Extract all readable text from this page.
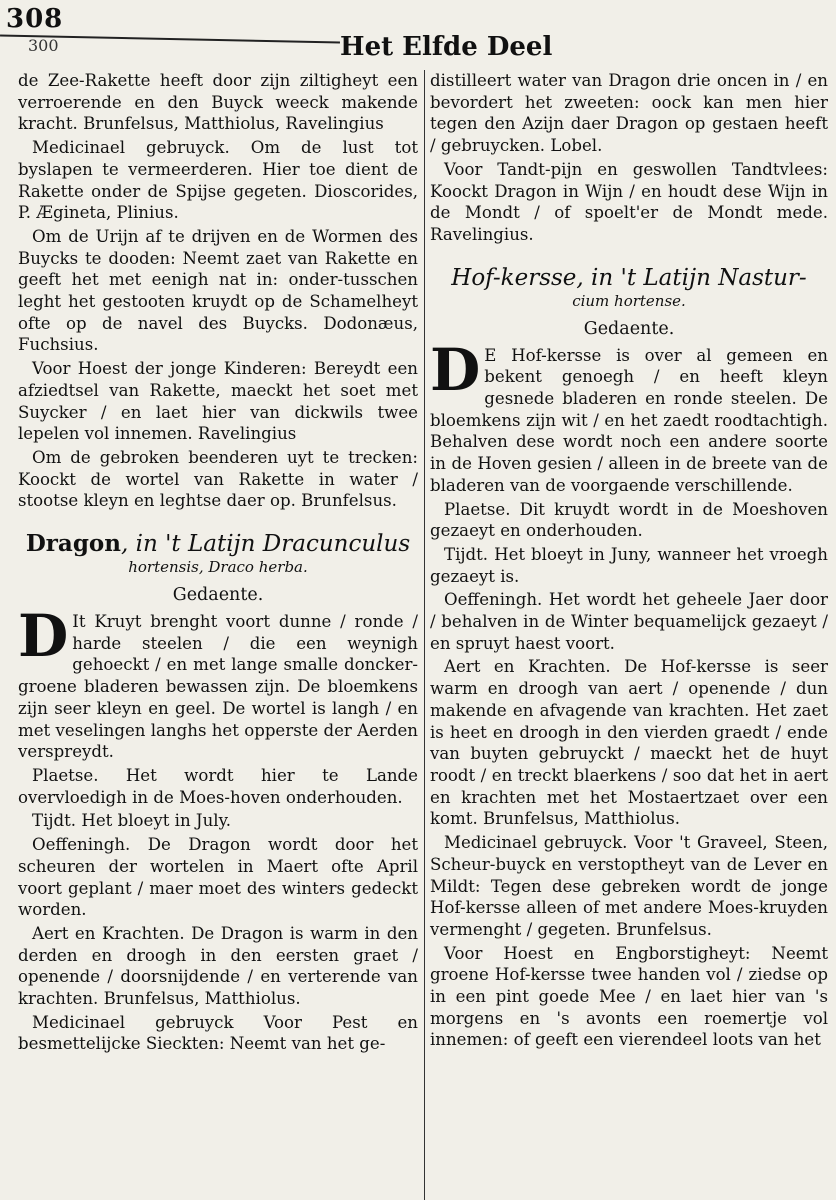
308
300	Het Elfde Deel

de Zee-Rakette heeft door zijn ziltigheyt een verroerende en den Buyck weeck makende kracht. Brunfelsus, Matthiolus, Ravelingius

Medicinael gebruyck. Om de lust tot byslapen te vermeerderen. Hier toe dient de Rakette onder de Spijse gegeten. Dioscorides, P. Ægineta, Plinius.

Om de Urijn af te drijven en de Wormen des Buycks te dooden: Neemt zaet van Rakette en geeft het met eenigh nat in: onder-tusschen leght het gestooten kruydt op de Schamelheyt ofte op de navel des Buycks. Dodonæus, Fuchsius.

Voor Hoest der jonge Kinderen: Bereydt een afziedtsel van Rakette, maeckt het soet met Suycker / en laet hier van dickwils twee lepelen vol innemen. Ravelingius

Om de gebroken beenderen uyt te trecken: Koockt de wortel van Rakette in water / stootse kleyn en leghtse daer op. Brunfelsus.

Dragon, in 't Latijn Dracunculus
hortensis, Draco herba.
Gedaente.

D It Kruyt brenght voort dunne / ronde / harde steelen / die een weynigh gehoeckt / en met lange smalle doncker-groene bladeren bewassen zijn. De bloemkens zijn seer kleyn en geel. De wortel is langh / en met veselingen langhs het opperste der Aerden verspreydt.

Plaetse. Het wordt hier te Lande overvloedigh in de Moes-hoven onderhouden.

Tijdt. Het bloeyt in July.

Oeffeningh. De Dragon wordt door het scheuren der wortelen in Maert ofte April voort geplant / maer moet des winters gedeckt worden.

Aert en Krachten. De Dragon is warm in den derden en droogh in den eersten graet / openende / doorsnijdende / en verterende van krachten. Brunfelsus, Matthiolus.

Medicinael gebruyck Voor Pest en besmettelijcke Sieckten: Neemt van het ge-

distilleert water van Dragon drie oncen in / en bevordert het zweeten: oock kan men hier tegen den Azijn daer Dragon op gestaen heeft / gebruycken. Lobel.

Voor Tandt-pijn en geswollen Tandtvlees: Koockt Dragon in Wijn / en houdt dese Wijn in de Mondt / of spoelt'er de Mondt mede. Ravelingius.

Hof-kersse, in 't Latijn Nastur-
cium hortense.
Gedaente.

D E Hof-kersse is over al gemeen en bekent genoegh / en heeft kleyn gesnede bladeren en ronde steelen. De bloemkens zijn wit / en het zaedt roodtachtigh. Behalven dese wordt noch een andere soorte in de Hoven gesien / alleen in de breete van de bladeren van de voorgaende verschillende.

Plaetse. Dit kruydt wordt in de Moeshoven gezaeyt en onderhouden.

Tijdt. Het bloeyt in Juny, wanneer het vroegh gezaeyt is.

Oeffeningh. Het wordt het geheele Jaer door / behalven in de Winter bequamelijck gezaeyt / en spruyt haest voort.

Aert en Krachten. De Hof-kersse is seer warm en droogh van aert / openende / dun makende en afvagende van krachten. Het zaet is heet en droogh in den vierden graedt / ende van buyten gebruyckt / maeckt het de huyt roodt / en treckt blaerkens / soo dat het in aert en krachten met het Mostaertzaet over een komt. Brunfelsus, Matthiolus.

Medicinael gebruyck. Voor 't Graveel, Steen, Scheur-buyck en verstoptheyt van de Lever en Mildt: Tegen dese gebreken wordt de jonge Hof-kersse alleen of met andere Moes-kruyden vermenght / gegeten. Brunfelsus.

Voor Hoest en Engborstigheyt: Neemt groene Hof-kersse twee handen vol / ziedse op in een pint goede Mee / en laet hier van 's morgens en 's avonts een roemertje vol innemen: of geeft een vierendeel loots van het
